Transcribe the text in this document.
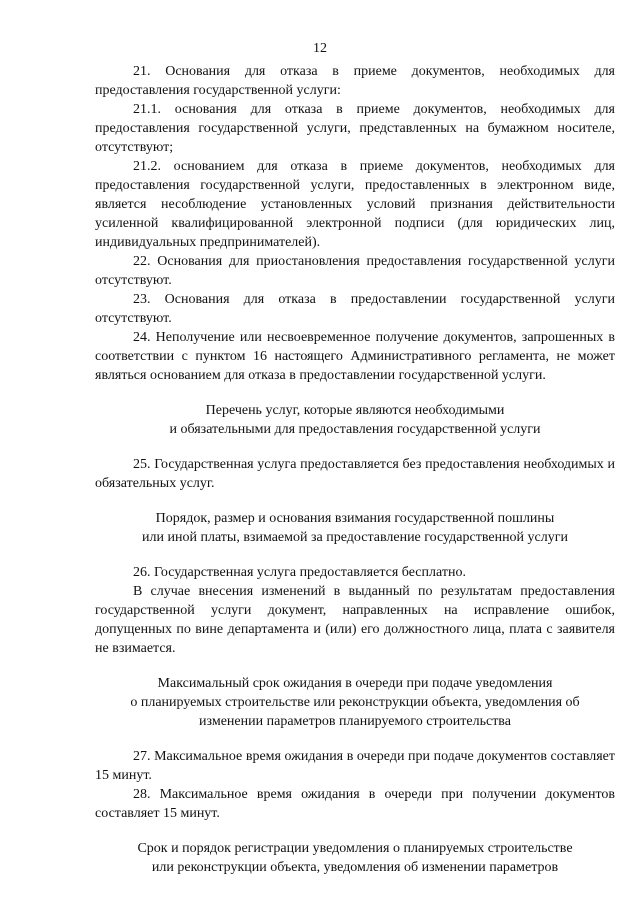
12

21. Основания для отказа в приеме документов, необходимых для предоставления государственной услуги:

21.1. основания для отказа в приеме документов, необходимых для предоставления государственной услуги, представленных на бумажном носителе, отсутствуют;

21.2. основанием для отказа в приеме документов, необходимых для предоставления государственной услуги, предоставленных в электронном виде, является несоблюдение установленных условий признания действительности усиленной квалифицированной электронной подписи (для юридических лиц, индивидуальных предпринимателей).

22. Основания для приостановления предоставления государственной услуги отсутствуют.

23. Основания для отказа в предоставлении государственной услуги отсутствуют.

24. Неполучение или несвоевременное получение документов, запрошенных в соответствии с пунктом 16 настоящего Административного регламента, не может являться основанием для отказа в предоставлении государственной услуги.

Перечень услуг, которые являются необходимыми
и обязательными для предоставления государственной услуги

25. Государственная услуга предоставляется без предоставления необходимых и обязательных услуг.

Порядок, размер и основания взимания государственной пошлины
или иной платы, взимаемой за предоставление государственной услуги

26. Государственная услуга предоставляется бесплатно.

В случае внесения изменений в выданный по результатам предоставления государственной услуги документ, направленных на исправление ошибок, допущенных по вине департамента и (или) его должностного лица, плата с заявителя не взимается.

Максимальный срок ожидания в очереди при подаче уведомления
о планируемых строительстве или реконструкции объекта, уведомления об
изменении параметров планируемого строительства

27. Максимальное время ожидания в очереди при подаче документов составляет 15 минут.

28. Максимальное время ожидания в очереди при получении документов составляет 15 минут.

Срок и порядок регистрации уведомления о планируемых строительстве
или реконструкции объекта, уведомления об изменении параметров
